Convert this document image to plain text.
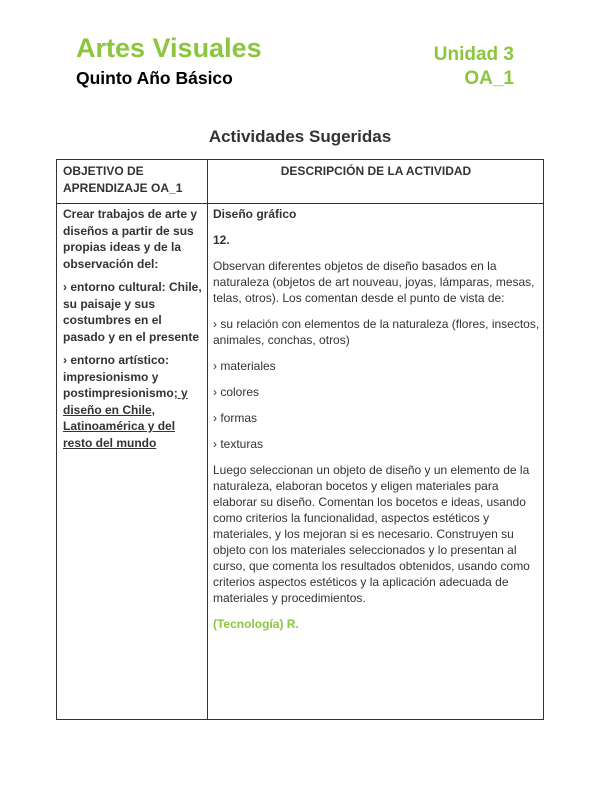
Artes Visuales
Quinto Año Básico
Unidad 3
OA_1
Actividades Sugeridas
OBJETIVO DE APRENDIZAJE OA_1
DESCRIPCIÓN DE LA ACTIVIDAD

Crear trabajos de arte y diseños a partir de sus propias ideas y de la observación del:

› entorno cultural: Chile, su paisaje y sus costumbres en el pasado y en el presente

› entorno artístico: impresionismo y postimpresionismo; y diseño en Chile, Latinoamérica y del resto del mundo

Diseño gráfico

12.

Observan diferentes objetos de diseño basados en la naturaleza (objetos de art nouveau, joyas, lámparas, mesas, telas, otros). Los comentan desde el punto de vista de:

› su relación con elementos de la naturaleza (flores, insectos, animales, conchas, otros)

› materiales

› colores

› formas

› texturas

Luego seleccionan un objeto de diseño y un elemento de la naturaleza, elaboran bocetos y eligen materiales para elaborar su diseño. Comentan los bocetos e ideas, usando como criterios la funcionalidad, aspectos estéticos y materiales, y los mejoran si es necesario. Construyen su objeto con los materiales seleccionados y lo presentan al curso, que comenta los resultados obtenidos, usando como criterios aspectos estéticos y la aplicación adecuada de materiales y procedimientos.

(Tecnología) R.
